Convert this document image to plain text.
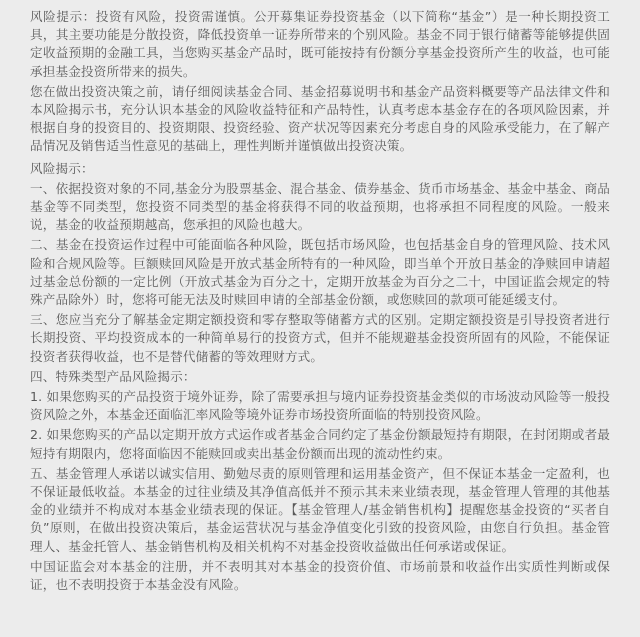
风险提示：投资有风险，投资需谨慎。公开募集证券投资基金（以下简称“基金”）是一种长期投资工具，其主要功能是分散投资，降低投资单一证券所带来的个别风险。基金不同于银行储蓄等能够提供固定收益预期的金融工具，当您购买基金产品时，既可能按持有份额分享基金投资所产生的收益，也可能承担基金投资所带来的损失。

您在做出投资决策之前，请仔细阅读基金合同、基金招募说明书和基金产品资料概要等产品法律文件和本风险揭示书，充分认识本基金的风险收益特征和产品特性，认真考虑本基金存在的各项风险因素，并根据自身的投资目的、投资期限、投资经验、资产状况等因素充分考虑自身的风险承受能力，在了解产品情况及销售适当性意见的基础上，理性判断并谨慎做出投资决策。

风险揭示：

一、依据投资对象的不同,基金分为股票基金、混合基金、债券基金、货币市场基金、基金中基金、商品基金等不同类型，您投资不同类型的基金将获得不同的收益预期，也将承担不同程度的风险。一般来说，基金的收益预期越高，您承担的风险也越大。

二、基金在投资运作过程中可能面临各种风险，既包括市场风险，也包括基金自身的管理风险、技术风险和合规风险等。巨额赎回风险是开放式基金所特有的一种风险，即当单个开放日基金的净赎回申请超过基金总份额的一定比例（开放式基金为百分之十，定期开放基金为百分之二十，中国证监会规定的特殊产品除外）时，您将可能无法及时赎回申请的全部基金份额，或您赎回的款项可能延缓支付。

三、您应当充分了解基金定期定额投资和零存整取等储蓄方式的区别。定期定额投资是引导投资者进行长期投资、平均投资成本的一种简单易行的投资方式，但并不能规避基金投资所固有的风险，不能保证投资者获得收益，也不是替代储蓄的等效理财方式。

四、特殊类型产品风险揭示：

1. 如果您购买的产品投资于境外证券，除了需要承担与境内证券投资基金类似的市场波动风险等一般投资风险之外，本基金还面临汇率风险等境外证券市场投资所面临的特别投资风险。

2. 如果您购买的产品以定期开放方式运作或者基金合同约定了基金份额最短持有期限，在封闭期或者最短持有期限内，您将面临因不能赎回或卖出基金份额而出现的流动性约束。

五、基金管理人承诺以诚实信用、勤勉尽责的原则管理和运用基金资产，但不保证本基金一定盈利，也不保证最低收益。本基金的过往业绩及其净值高低并不预示其未来业绩表现，基金管理人管理的其他基金的业绩并不构成对本基金业绩表现的保证。【基金管理人/基金销售机构】提醒您基金投资的“买者自负”原则，在做出投资决策后，基金运营状况与基金净值变化引致的投资风险，由您自行负担。基金管理人、基金托管人、基金销售机构及相关机构不对基金投资收益做出任何承诺或保证。

中国证监会对本基金的注册，并不表明其对本基金的投资价值、市场前景和收益作出实质性判断或保证，也不表明投资于本基金没有风险。
